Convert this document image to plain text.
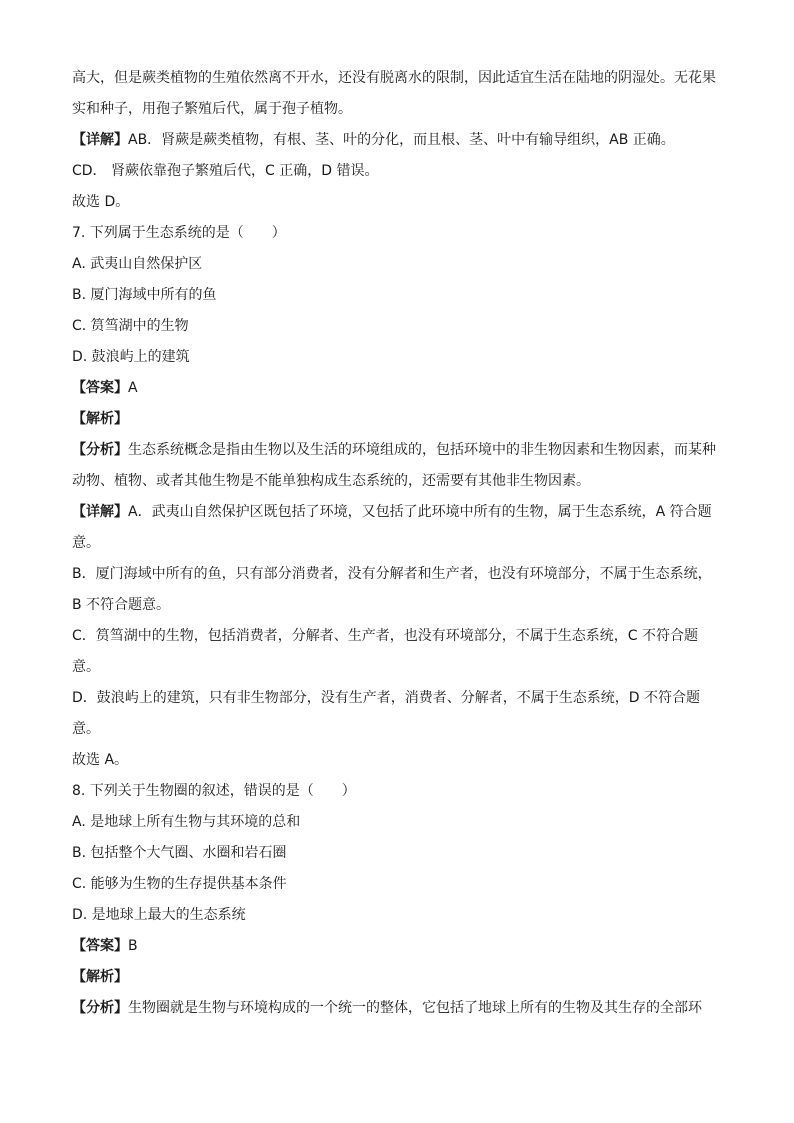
高大，但是蕨类植物的生殖依然离不开水，还没有脱离水的限制，因此适宜生活在陆地的阴湿处。无花果
实和种子，用孢子繁殖后代，属于孢子植物。
【详解】AB．肾蕨是蕨类植物，有根、茎、叶的分化，而且根、茎、叶中有输导组织，AB 正确。
CD． 肾蕨依靠孢子繁殖后代，C 正确，D 错误。
故选 D。
7. 下列属于生态系统的是（　　）
A. 武夷山自然保护区
B. 厦门海域中所有的鱼
C. 筼筜湖中的生物
D. 鼓浪屿上的建筑
【答案】A
【解析】
【分析】生态系统概念是指由生物以及生活的环境组成的，包括环境中的非生物因素和生物因素，而某种
动物、植物、或者其他生物是不能单独构成生态系统的，还需要有其他非生物因素。
【详解】A．武夷山自然保护区既包括了环境，又包括了此环境中所有的生物，属于生态系统，A 符合题
意。
B．厦门海域中所有的鱼，只有部分消费者，没有分解者和生产者，也没有环境部分，不属于生态系统，
B 不符合题意。
C．筼筜湖中的生物，包括消费者，分解者、生产者，也没有环境部分，不属于生态系统，C 不符合题
意。
D．鼓浪屿上的建筑，只有非生物部分，没有生产者，消费者、分解者，不属于生态系统，D 不符合题
意。
故选 A。
8. 下列关于生物圈的叙述，错误的是（　　）
A. 是地球上所有生物与其环境的总和
B. 包括整个大气圈、水圈和岩石圈
C. 能够为生物的生存提供基本条件
D. 是地球上最大的生态系统
【答案】B
【解析】
【分析】生物圈就是生物与环境构成的一个统一的整体，它包括了地球上所有的生物及其生存的全部环
